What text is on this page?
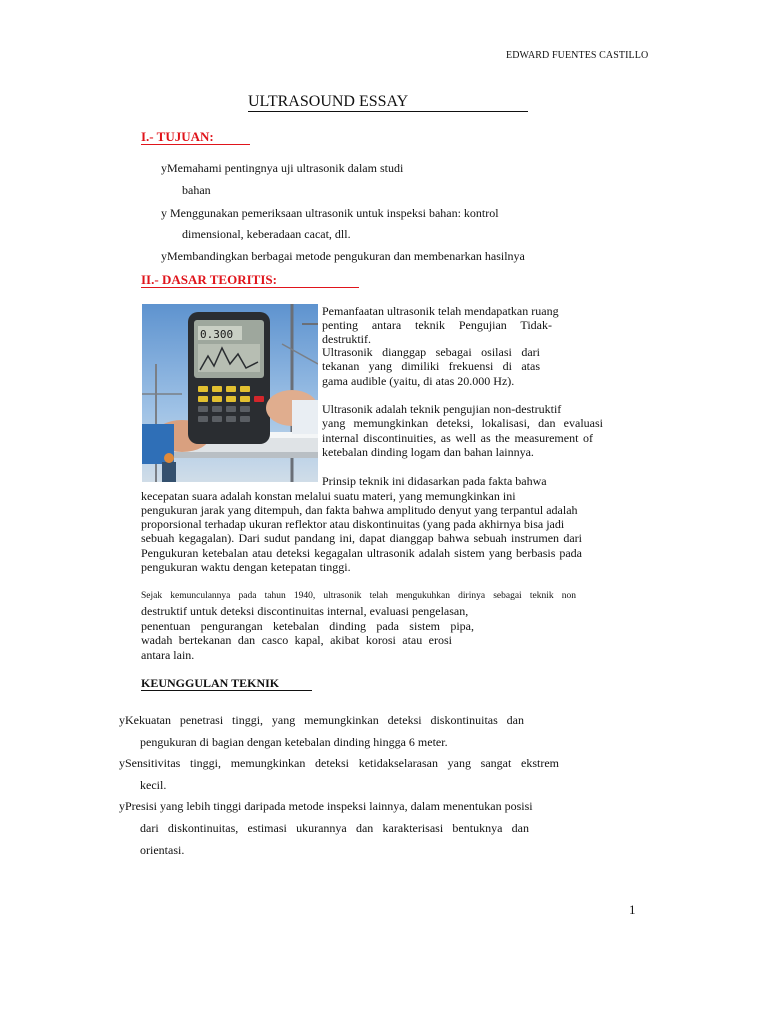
EDWARD FUENTES CASTILLO
ULTRASOUND ESSAY
I.- TUJUAN:
yMemahami pentingnya uji ultrasonik dalam studi
bahan
y Menggunakan pemeriksaan ultrasonik untuk inspeksi bahan: kontrol
dimensional, keberadaan cacat, dll.
yMembandingkan berbagai metode pengukuran dan membenarkan hasilnya
II.- DASAR TEORITIS:
0.300
Pemanfaatan ultrasonik telah mendapatkan ruang
penting antara teknik Pengujian Tidak-
destruktif.
Ultrasonik dianggap sebagai osilasi dari
tekanan yang dimiliki frekuensi di atas
gama audible (yaitu, di atas 20.000 Hz).
Ultrasonik adalah teknik pengujian non-destruktif
yang memungkinkan deteksi, lokalisasi, dan evaluasi
internal discontinuities, as well as the measurement of
ketebalan dinding logam dan bahan lainnya.
Prinsip teknik ini didasarkan pada fakta bahwa
kecepatan suara adalah konstan melalui suatu materi, yang memungkinkan ini
pengukuran jarak yang ditempuh, dan fakta bahwa amplitudo denyut yang terpantul adalah
proporsional terhadap ukuran reflektor atau diskontinuitas (yang pada akhirnya bisa jadi
sebuah kegagalan). Dari sudut pandang ini, dapat dianggap bahwa sebuah instrumen dari
Pengukuran ketebalan atau deteksi kegagalan ultrasonik adalah sistem yang berbasis pada
pengukuran waktu dengan ketepatan tinggi.
Sejak kemunculannya pada tahun 1940, ultrasonik telah mengukuhkan dirinya sebagai teknik non
destruktif untuk deteksi discontinuitas internal, evaluasi pengelasan,
penentuan pengurangan ketebalan dinding pada sistem pipa,
wadah bertekanan dan casco kapal, akibat korosi atau erosi
antara lain.
KEUNGGULAN TEKNIK
yKekuatan penetrasi tinggi, yang memungkinkan deteksi diskontinuitas dan
pengukuran di bagian dengan ketebalan dinding hingga 6 meter.
ySensitivitas tinggi, memungkinkan deteksi ketidakselarasan yang sangat ekstrem
kecil.
yPresisi yang lebih tinggi daripada metode inspeksi lainnya, dalam menentukan posisi
dari diskontinuitas, estimasi ukurannya dan karakterisasi bentuknya dan
orientasi.
1
